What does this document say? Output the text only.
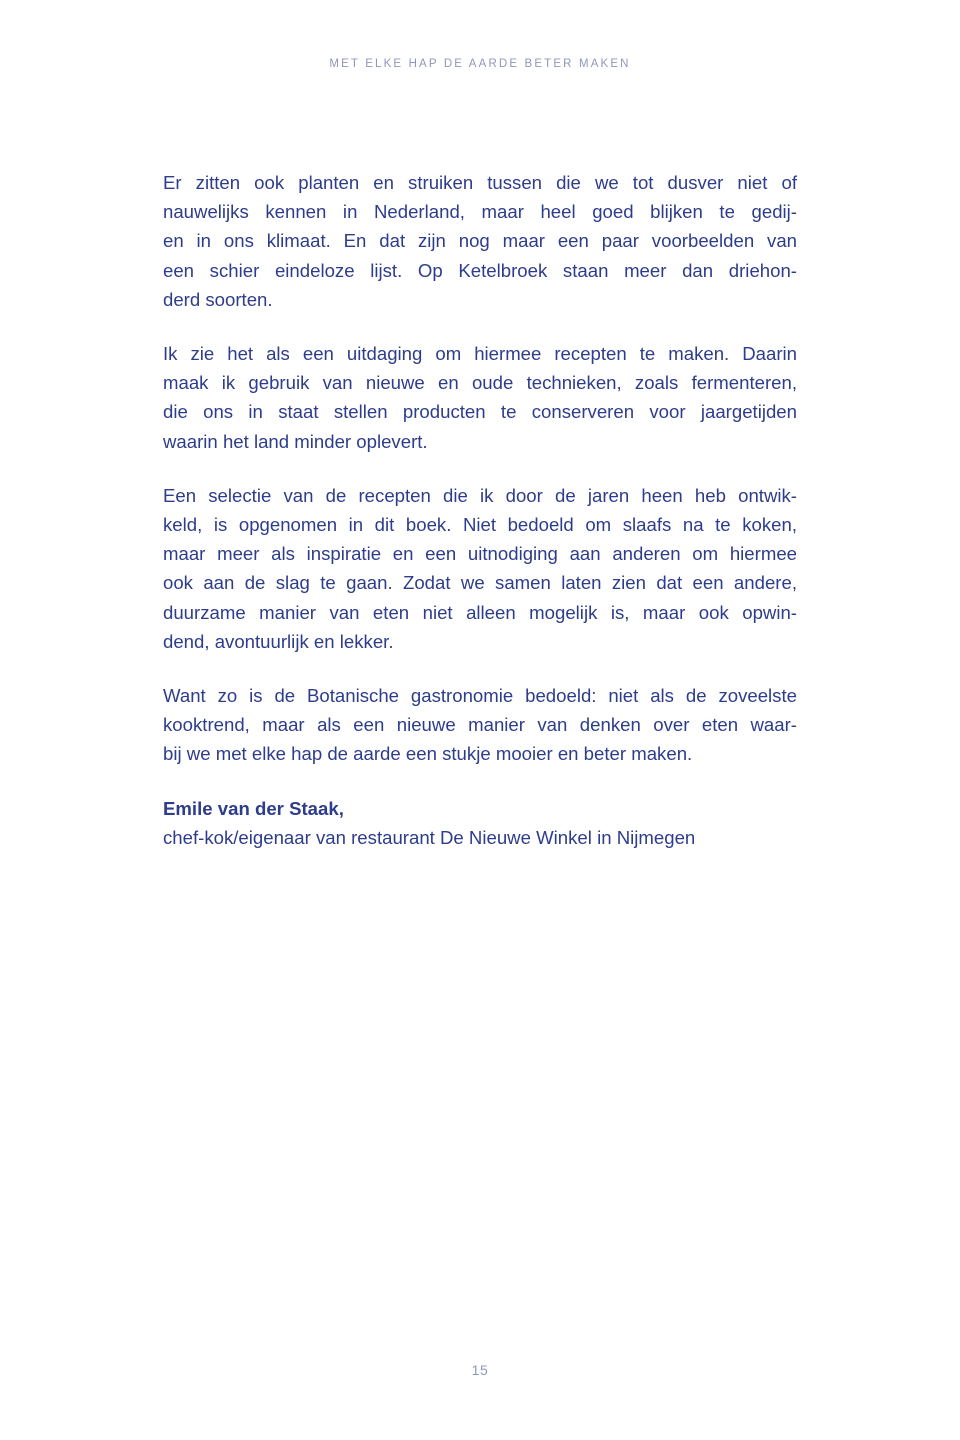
MET ELKE HAP DE AARDE BETER MAKEN

Er zitten ook planten en struiken tussen die we tot dusver niet of
nauwelijks kennen in Nederland, maar heel goed blijken te gedij-
en in ons klimaat. En dat zijn nog maar een paar voorbeelden van
een schier eindeloze lijst. Op Ketelbroek staan meer dan driehon-
derd soorten.

Ik zie het als een uitdaging om hiermee recepten te maken. Daarin
maak ik gebruik van nieuwe en oude technieken, zoals fermenteren,
die ons in staat stellen producten te conserveren voor jaargetijden
waarin het land minder oplevert.

Een selectie van de recepten die ik door de jaren heen heb ontwik-
keld, is opgenomen in dit boek. Niet bedoeld om slaafs na te koken,
maar meer als inspiratie en een uitnodiging aan anderen om hiermee
ook aan de slag te gaan. Zodat we samen laten zien dat een andere,
duurzame manier van eten niet alleen mogelijk is, maar ook opwin-
dend, avontuurlijk en lekker.

Want zo is de Botanische gastronomie bedoeld: niet als de zoveelste
kooktrend, maar als een nieuwe manier van denken over eten waar-
bij we met elke hap de aarde een stukje mooier en beter maken.

Emile van der Staak,
chef-kok/eigenaar van restaurant De Nieuwe Winkel in Nijmegen
15
